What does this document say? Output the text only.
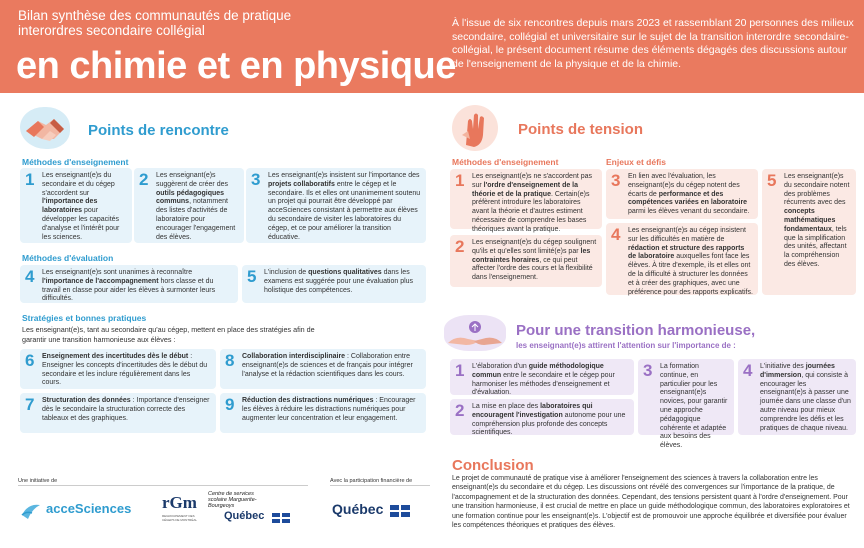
Bilan synthèse des communautés de pratique interordres secondaire collégial
en chimie et en physique
À l'issue de six rencontres depuis mars 2023 et rassemblant 20 personnes des milieux secondaire, collégial et universitaire sur le sujet de la transition interordre secondaire-collégial, le présent document résume des éléments dégagés des discussions autour de l'enseignement de la physique et de la chimie.
Points de rencontre
Méthodes d'enseignement
1 Les enseignant(e)s du secondaire et du cégep s'accordent sur l'importance des laboratoires pour développer les capacités d'analyse et l'intérêt pour les sciences.
2 Les enseignant(e)s suggèrent de créer des outils pédagogiques communs, notamment des listes d'activités de laboratoire pour encourager l'engagement des élèves.
3 Les enseignant(e)s insistent sur l'importance des projets collaboratifs entre le cégep et le secondaire. Ils et elles ont unanimement soutenu un projet qui pourrait être développé par acceSciences consistant à permettre aux élèves du secondaire de visiter les laboratoires du cégep, et ce pour améliorer la transition éducative.
Méthodes d'évaluation
4 Les enseignant(e)s sont unanimes à reconnaître l'importance de l'accompagnement hors classe et du travail en classe pour aider les élèves à surmonter leurs difficultés.
5 L'inclusion de questions qualitatives dans les examens est suggérée pour une évaluation plus holistique des compétences.
Stratégies et bonnes pratiques
Les enseignant(e)s, tant au secondaire qu'au cégep, mettent en place des stratégies afin de garantir une transition harmonieuse aux élèves :
6 Enseignement des incertitudes dès le début : Enseigner les concepts d'incertitudes dès le début du secondaire et les inclure régulièrement dans les cours.
8 Collaboration interdisciplinaire : Collaboration entre enseignant(e)s de sciences et de français pour intégrer l'analyse et la rédaction scientifiques dans les cours.
7 Structuration des données : Importance d'enseigner dès le secondaire la structuration correcte des tableaux et des graphiques.
9 Réduction des distractions numériques : Encourager les élèves à réduire les distractions numériques pour augmenter leur concentration et leur engagement.
Une initiative de
acceSciences rGm
REGROUPEMENT DES CÉGEPS DE MONTRÉAL
Centre de services scolaire Marguerite-Bourgeoys
Québec
Avec la participation financière de
Québec
Points de tension
Méthodes d'enseignement	Enjeux et défis
1 Les enseignant(e)s ne s'accordent pas sur l'ordre d'enseignement de la théorie et de la pratique. Certain(e)s préfèrent introduire les laboratoires avant la théorie et d'autres estiment nécessaire de comprendre les bases théoriques avant la pratique.
2 Les enseignant(e)s du cégep soulignent qu'ils et qu'elles sont limité(e)s par les contraintes horaires, ce qui peut affecter l'ordre des cours et la flexibilité dans l'enseignement.
3 En lien avec l'évaluation, les enseignant(e)s du cégep notent des écarts de performance et des compétences variées en laboratoire parmi les élèves venant du secondaire.
4 Les enseignant(e)s au cégep insistent sur les difficultés en matière de rédaction et structure des rapports de laboratoire auxquelles font face les élèves. À titre d'exemple, ils et elles ont de la difficulté à structurer les données et à créer des graphiques, avec une préférence pour des rapports explicatifs.
5 Les enseignant(e)s du secondaire notent des problèmes récurrents avec des concepts mathématiques fondamentaux, tels que la simplification des unités, affectant la compréhension des élèves.
Pour une transition harmonieuse,
les enseignant(e)s attirent l'attention sur l'importance de :
1 L'élaboration d'un guide méthodologique commun entre le secondaire et le cégep pour harmoniser les méthodes d'enseignement et d'évaluation.
2 La mise en place des laboratoires qui encouragent l'investigation autonome pour une compréhension plus profonde des concepts scientifiques.
3 La formation continue, en particulier pour les enseignant(e)s novices, pour garantir une approche pédagogique cohérente et adaptée aux besoins des élèves.
4 L'initiative des journées d'immersion, qui consiste à encourager les enseignant(e)s à passer une journée dans une classe d'un autre niveau pour mieux comprendre les défis et les pratiques de chaque niveau.
Conclusion
Le projet de communauté de pratique vise à améliorer l'enseignement des sciences à travers la collaboration entre les enseignant(e)s du secondaire et du cégep. Les discussions ont révélé des convergences sur l'importance de la pratique, de l'accompagnement et de la structuration des données. Cependant, des tensions persistent quant à l'ordre d'enseignement. Pour une transition harmonieuse, il est crucial de mettre en place un guide méthodologique commun, des laboratoires exploratoires et une formation continue pour les enseignant(e)s. L'objectif est de promouvoir une approche équilibrée et diversifiée pour évaluer les compétences théoriques et pratiques des élèves.
